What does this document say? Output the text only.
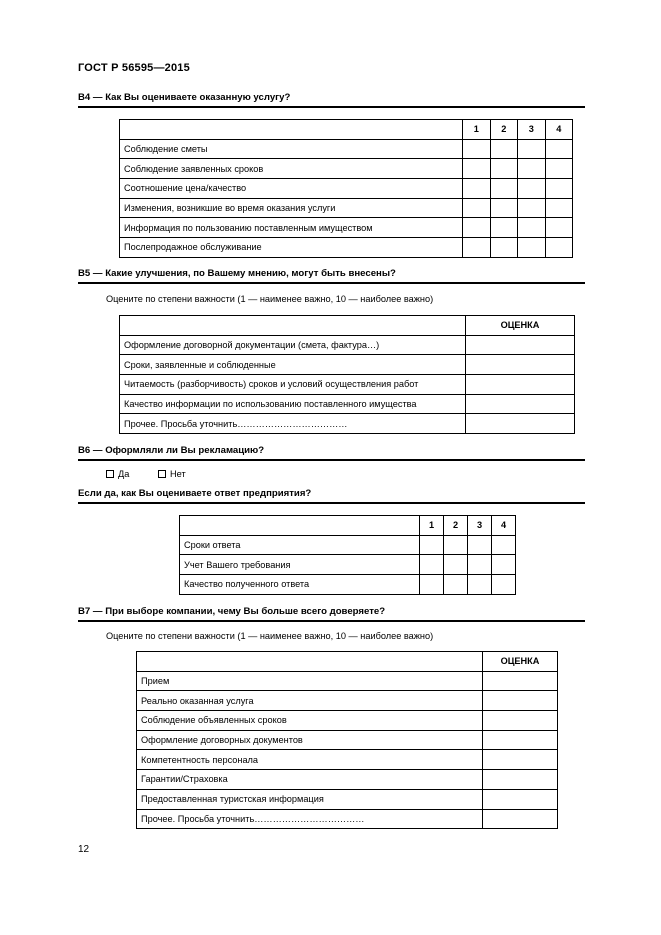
ГОСТ Р 56595—2015
В4 — Как Вы оцениваете оказанную услугу?
	1	2	3	4
Соблюдение сметы				
Соблюдение заявленных сроков				
Соотношение цена/качество				
Изменения, возникшие во время оказания услуги				
Информация по пользованию поставленным имуществом				
Послепродажное обслуживание				
В5 — Какие улучшения, по Вашему мнению, могут быть внесены?
Оцените по степени важности (1 — наименее важно, 10 — наиболее важно)
	ОЦЕНКА
Оформление договорной документации (смета, фактура…)	
Сроки, заявленные и соблюденные	
Читаемость (разборчивость) сроков и условий осуществления работ	
Качество информации по использованию поставленного имущества	
Прочее. Просьба уточнить………………………………	
В6 — Оформляли ли Вы рекламацию?
Да	Нет
Если да, как Вы оцениваете ответ предприятия?
	1	2	3	4
Сроки ответа				
Учет Вашего требования				
Качество полученного ответа				
В7 — При выборе компании, чему Вы больше всего доверяете?
Оцените по степени важности (1 — наименее важно, 10 — наиболее важно)
	ОЦЕНКА
Прием	
Реально оказанная услуга	
Соблюдение объявленных сроков	
Оформление договорных документов	
Компетентность персонала	
Гарантии/Страховка	
Предоставленная туристская информация	
Прочее. Просьба уточнить………………………………	
12
